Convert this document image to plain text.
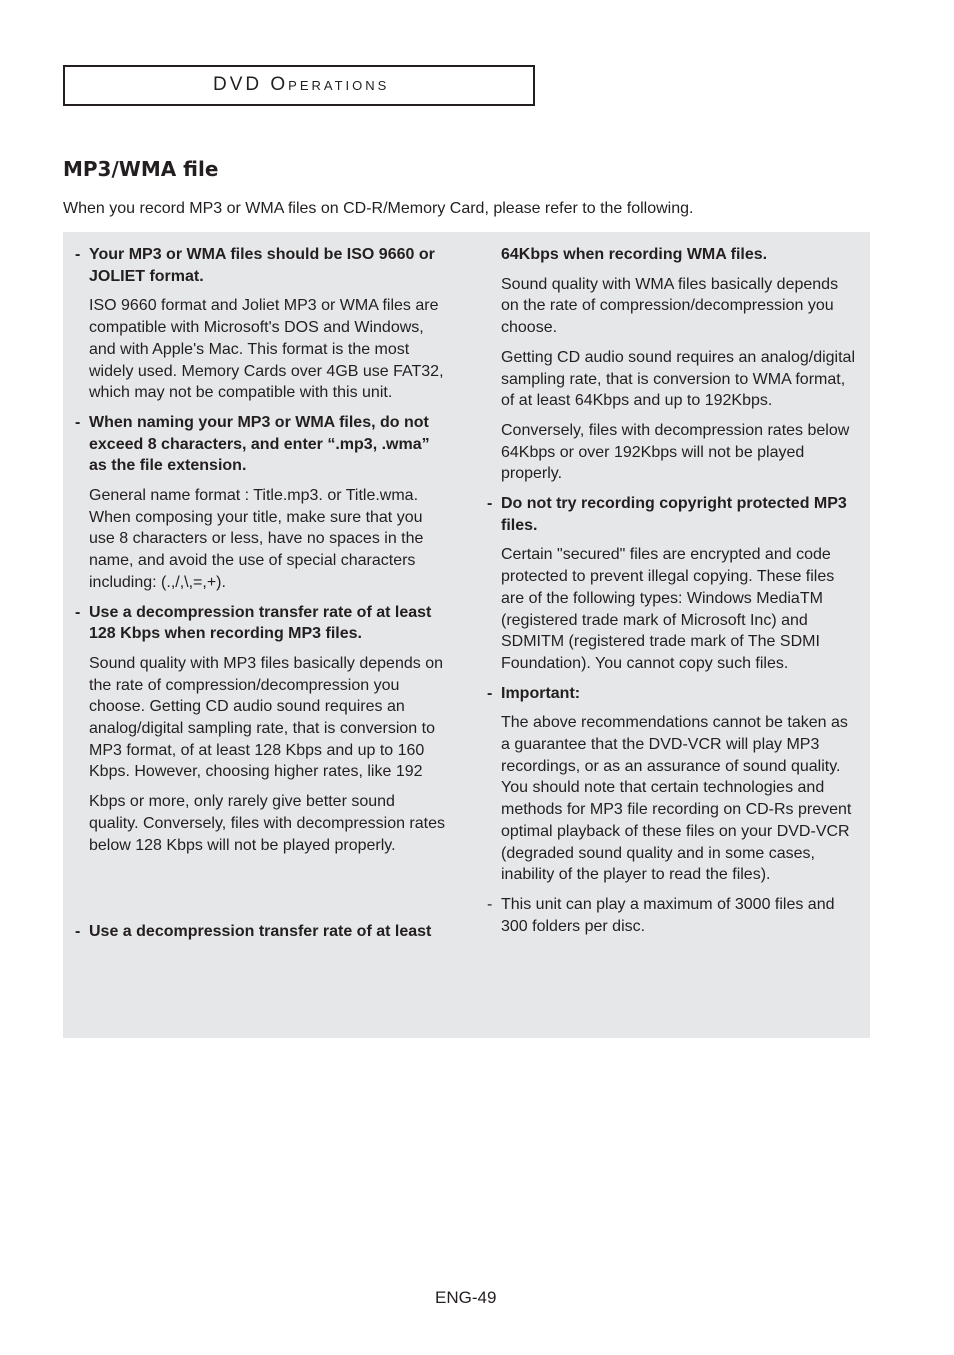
DVD Operations
MP3/WMA file

When you record MP3 or WMA files on CD-R/Memory Card, please refer to the following.

- Your MP3 or WMA files should be ISO 9660 or JOLIET format.

ISO 9660 format and Joliet MP3 or WMA files are compatible with Microsoft's DOS and Windows, and with Apple's Mac. This format is the most widely used. Memory Cards over 4GB use FAT32, which may not be compatible with this unit.

- When naming your MP3 or WMA files, do not exceed 8 characters, and enter “.mp3, .wma” as the file extension.

General name format : Title.mp3. or Title.wma. When composing your title, make sure that you use 8 characters or less, have no spaces in the name, and avoid the use of special characters including: (.,/,\,=,+).

- Use a decompression transfer rate of at least 128 Kbps when recording MP3 files.

Sound quality with MP3 files basically depends on the rate of compression/decompression you choose. Getting CD audio sound requires an analog/digital sampling rate, that is conversion to MP3 format, of at least 128 Kbps and up to 160 Kbps. However, choosing higher rates, like 192

Kbps or more, only rarely give better sound quality. Conversely, files with decompression rates below 128 Kbps will not be played properly.

- Use a decompression transfer rate of at least

64Kbps when recording WMA files.

Sound quality with WMA files basically depends on the rate of compression/decompression you choose.

Getting CD audio sound requires an analog/digital sampling rate, that is conversion to WMA format, of at least 64Kbps and up to 192Kbps.

Conversely, files with decompression rates below 64Kbps or over 192Kbps will not be played properly.

- Do not try recording copyright protected MP3 files.

Certain "secured" files are encrypted and code protected to prevent illegal copying. These files are of the following types: Windows MediaTM (registered trade mark of Microsoft Inc) and SDMITM (registered trade mark of The SDMI Foundation). You cannot copy such files.

- Important:

The above recommendations cannot be taken as a guarantee that the DVD-VCR will play MP3 recordings, or as an assurance of sound quality. You should note that certain technologies and methods for MP3 file recording on CD-Rs prevent optimal playback of these files on your DVD-VCR (degraded sound quality and in some cases, inability of the player to read the files).

- This unit can play a maximum of 3000 files and 300 folders per disc.
ENG-49
